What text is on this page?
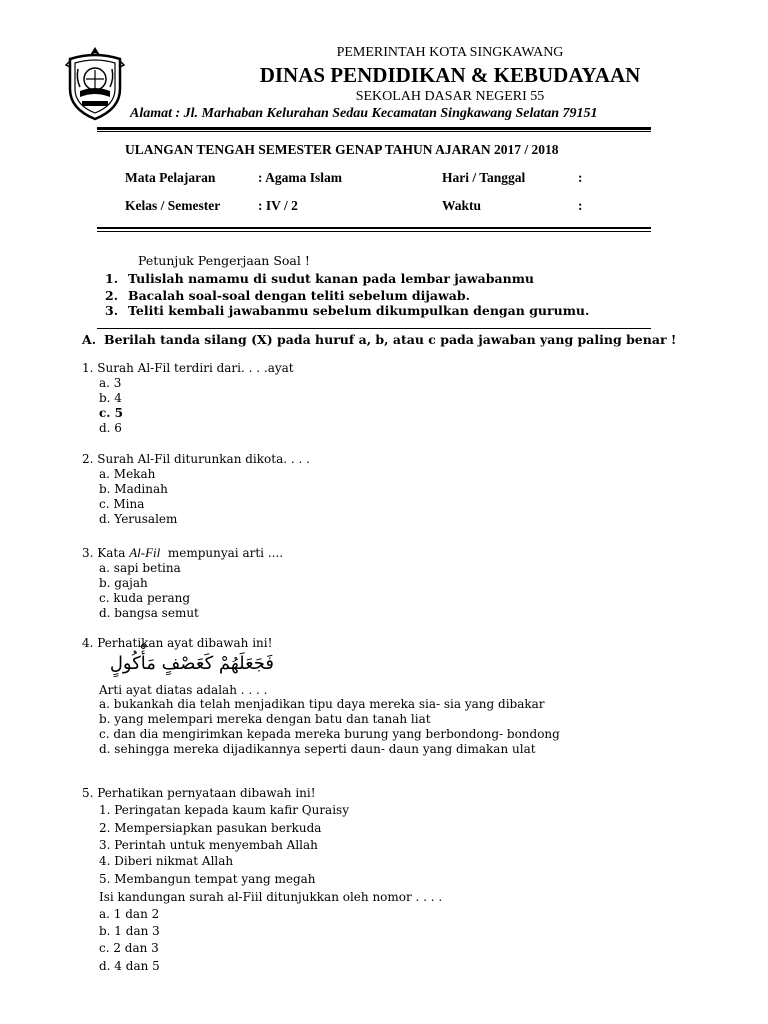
PEMERINTAH KOTA SINGKAWANG
DINAS PENDIDIKAN & KEBUDAYAAN
SEKOLAH DASAR NEGERI 55
Alamat : Jl. Marhaban Kelurahan Sedau Kecamatan Singkawang Selatan 79151
ULANGAN TENGAH SEMESTER GENAP TAHUN AJARAN 2017 / 2018
Mata Pelajaran	: Agama Islam	Hari / Tanggal	:
Kelas / Semester	: IV / 2	Waktu	:
Petunjuk Pengerjaan Soal !
1. Tulislah namamu di sudut kanan pada lembar jawabanmu
2. Bacalah soal-soal dengan teliti sebelum dijawab.
3. Teliti kembali jawabanmu sebelum dikumpulkan dengan gurumu.
A. Berilah tanda silang (X) pada huruf a, b, atau c pada jawaban yang paling benar !
1. Surah Al-Fil terdiri dari. . . .ayat
a. 3
b. 4
c. 5
d. 6
2. Surah Al-Fil diturunkan dikota. . . .
a. Mekah
b. Madinah
c. Mina
d. Yerusalem
3. Kata Al-Fil  mempunyai arti ....
a. sapi betina
b. gajah
c. kuda perang
d. bangsa semut
4. Perhatikan ayat dibawah ini!
فَجَعَلَهُمْ كَعَصْفٍ مَأْكُولٍ
Arti ayat diatas adalah . . . .
a. bukankah dia telah menjadikan tipu daya mereka sia- sia yang dibakar
b. yang melempari mereka dengan batu dan tanah liat
c. dan dia mengirimkan kepada mereka burung yang berbondong- bondong
d. sehingga mereka dijadikannya seperti daun- daun yang dimakan ulat
5. Perhatikan pernyataan dibawah ini!
1. Peringatan kepada kaum kafir Quraisy
2. Mempersiapkan pasukan berkuda
3. Perintah untuk menyembah Allah
4. Diberi nikmat Allah
5. Membangun tempat yang megah
Isi kandungan surah al-Fiil ditunjukkan oleh nomor . . . .
a. 1 dan 2
b. 1 dan 3
c. 2 dan 3
d. 4 dan 5
